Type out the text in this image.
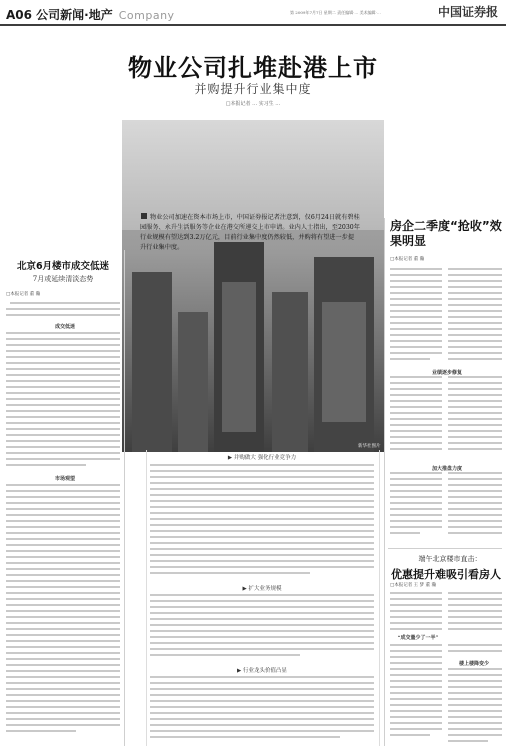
A06 公司新闻·地产 Company	第 2009年7月7日 星期二 责任编辑·… 美术编辑·…	中国证券报
物业公司扎堆赴港上市
并购提升行业集中度
□本报记者 … 实习生 …
物业公司加速在资本市场上市，中国证券报记者注意到，仅6月24日就有碧桂园服务、永升生活服务等企业在港交所递交上市申请。业内人士指出，至2030年行业规模有望达到3.2万亿元，目前行业集中度仍然较低，并购将有望进一步提升行业集中度。
新华社图片
北京6月楼市成交低迷
7月或延续清淡态势
□本报记者 董 瀚
成交低迷
市场观望
房企二季度“抢收”效果明显
□本报记者 董 瀚
业绩逐步修复
加大推盘力度
▶ 并购做大 强化行业竞争力
▶ 扩大业务规模
▶ 行业龙头价值凸显
端午北京楼市直击：
优惠提升难吸引看房人
□本报记者 王 梦 董 瀚
“成交量少了一半”
楼上楼降变少
